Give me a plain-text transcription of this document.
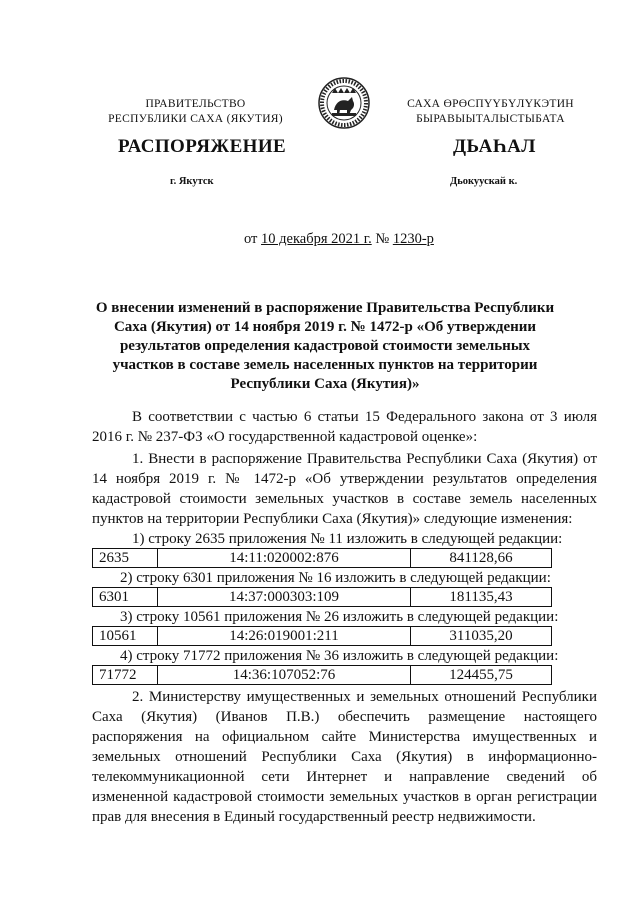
ПРАВИТЕЛЬСТВО
РЕСПУБЛИКИ САХА (ЯКУТИЯ)
САХА ӨРӨСПҮҮБҮЛҮКЭТИН
БЫРАВЫЫТАЛЫСТЫБАТА
РАСПОРЯЖЕНИЕ	ДЬАҺАЛ
г. Якутск	Дьокуускай к.
от 10 декабря 2021 г. № 1230-р
О внесении изменений в распоряжение Правительства Республики
Саха (Якутия) от 14 ноября 2019 г. № 1472-р «Об утверждении
результатов определения кадастровой стоимости земельных
участков в составе земель населенных пунктов на территории
Республики Саха (Якутия)»
В соответствии с частью 6 статьи 15 Федерального закона от 3 июля 2016 г. № 237-ФЗ «О государственной кадастровой оценке»:
1. Внести в распоряжение Правительства Республики Саха (Якутия) от 14 ноября 2019 г. № 1472-р «Об утверждении результатов определения кадастровой стоимости земельных участков в составе земель населенных пунктов на территории Республики Саха (Якутия)» следующие изменения:
1) строку 2635 приложения № 11 изложить в следующей редакции:
2635	14:11:020002:876	841128,66
2) строку 6301 приложения № 16 изложить в следующей редакции:
6301	14:37:000303:109	181135,43
3) строку 10561 приложения № 26 изложить в следующей редакции:
10561	14:26:019001:211	311035,20
4) строку 71772 приложения № 36 изложить в следующей редакции:
71772	14:36:107052:76	124455,75
2. Министерству имущественных и земельных отношений Республики Саха (Якутия) (Иванов П.В.) обеспечить размещение настоящего распоряжения на официальном сайте Министерства имущественных и земельных отношений Республики Саха (Якутия) в информационно-телекоммуникационной сети Интернет и направление сведений об измененной кадастровой стоимости земельных участков в орган регистрации прав для внесения в Единый государственный реестр недвижимости.
